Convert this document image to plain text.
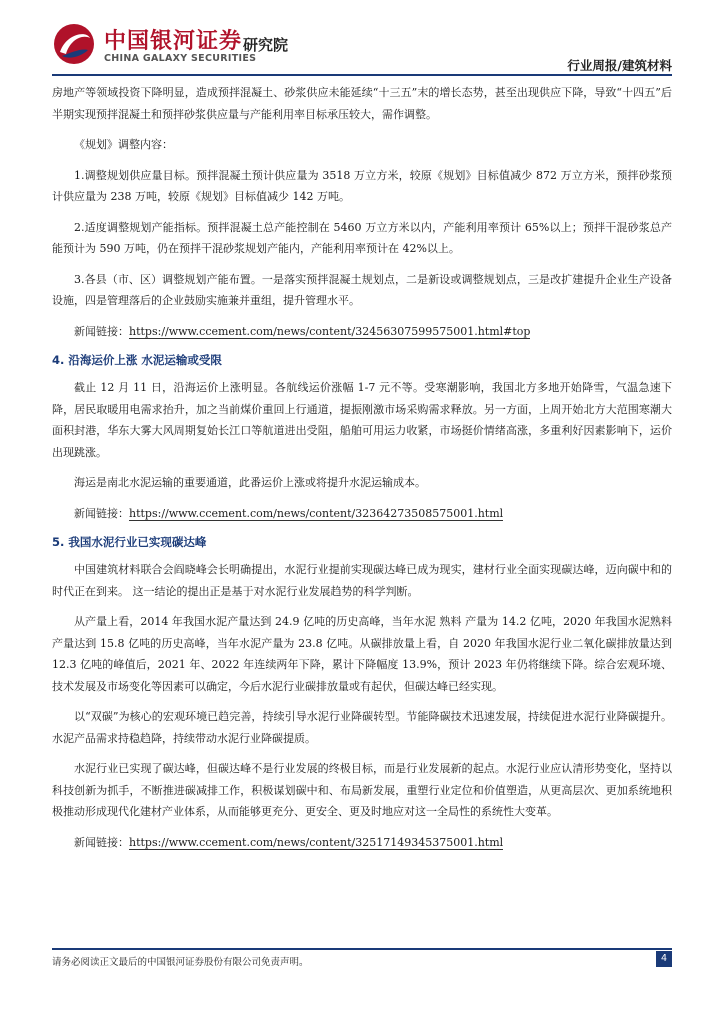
中国银河证券
CHINA GALAXY SECURITIES
研究院
行业周报/建筑材料

房地产等领域投资下降明显，造成预拌混凝土、砂浆供应未能延续“十三五”末的增长态势，甚至出现供应下降，导致“十四五”后半期实现预拌混凝土和预拌砂浆供应量与产能利用率目标承压较大，需作调整。

《规划》调整内容：

1.调整规划供应量目标。预拌混凝土预计供应量为 3518 万立方米，较原《规划》目标值减少 872 万立方米，预拌砂浆预计供应量为 238 万吨，较原《规划》目标值减少 142 万吨。

2.适度调整规划产能指标。预拌混凝土总产能控制在 5460 万立方米以内，产能利用率预计 65%以上；预拌干混砂浆总产能预计为 590 万吨，仍在预拌干混砂浆规划产能内，产能利用率预计在 42%以上。

3.各县（市、区）调整规划产能布置。一是落实预拌混凝土规划点，二是新设或调整规划点，三是改扩建提升企业生产设备设施，四是管理落后的企业鼓励实施兼并重组，提升管理水平。

新闻链接：https://www.ccement.com/news/content/32456307599575001.html#top

4. 沿海运价上涨 水泥运输或受限

截止 12 月 11 日，沿海运价上涨明显。各航线运价涨幅 1-7 元不等。受寒潮影响，我国北方多地开始降雪，气温急速下降，居民取暖用电需求抬升，加之当前煤价重回上行通道，提振刚激市场采购需求释放。另一方面，上周开始北方大范围寒潮大面积封港，华东大雾大风周期复始长江口等航道进出受阻，船舶可用运力收紧，市场挺价情绪高涨，多重利好因素影响下，运价出现跳涨。

海运是南北水泥运输的重要通道，此番运价上涨或将提升水泥运输成本。

新闻链接：https://www.ccement.com/news/content/32364273508575001.html

5. 我国水泥行业已实现碳达峰

中国建筑材料联合会阎晓峰会长明确提出，水泥行业提前实现碳达峰已成为现实，建材行业全面实现碳达峰，迈向碳中和的时代正在到来。 这一结论的提出正是基于对水泥行业发展趋势的科学判断。

从产量上看，2014 年我国水泥产量达到 24.9 亿吨的历史高峰，当年水泥 熟料 产量为 14.2 亿吨，2020 年我国水泥熟料产量达到 15.8 亿吨的历史高峰，当年水泥产量为 23.8 亿吨。从碳排放量上看，自 2020 年我国水泥行业二氧化碳排放量达到 12.3 亿吨的峰值后，2021 年、2022 年连续两年下降，累计下降幅度 13.9%，预计 2023 年仍将继续下降。综合宏观环境、技术发展及市场变化等因素可以确定，今后水泥行业碳排放量或有起伏，但碳达峰已经实现。

以“双碳”为核心的宏观环境已趋完善，持续引导水泥行业降碳转型。节能降碳技术迅速发展，持续促进水泥行业降碳提升。水泥产品需求持稳趋降，持续带动水泥行业降碳提质。

水泥行业已实现了碳达峰，但碳达峰不是行业发展的终极目标，而是行业发展新的起点。水泥行业应认清形势变化，坚持以科技创新为抓手，不断推进碳减排工作，积极谋划碳中和、布局新发展，重塑行业定位和价值塑造，从更高层次、更加系统地积极推动形成现代化建材产业体系，从而能够更充分、更安全、更及时地应对这一全局性的系统性大变革。

新闻链接：https://www.ccement.com/news/content/32517149345375001.html

请务必阅读正文最后的中国银河证券股份有限公司免责声明。	4
